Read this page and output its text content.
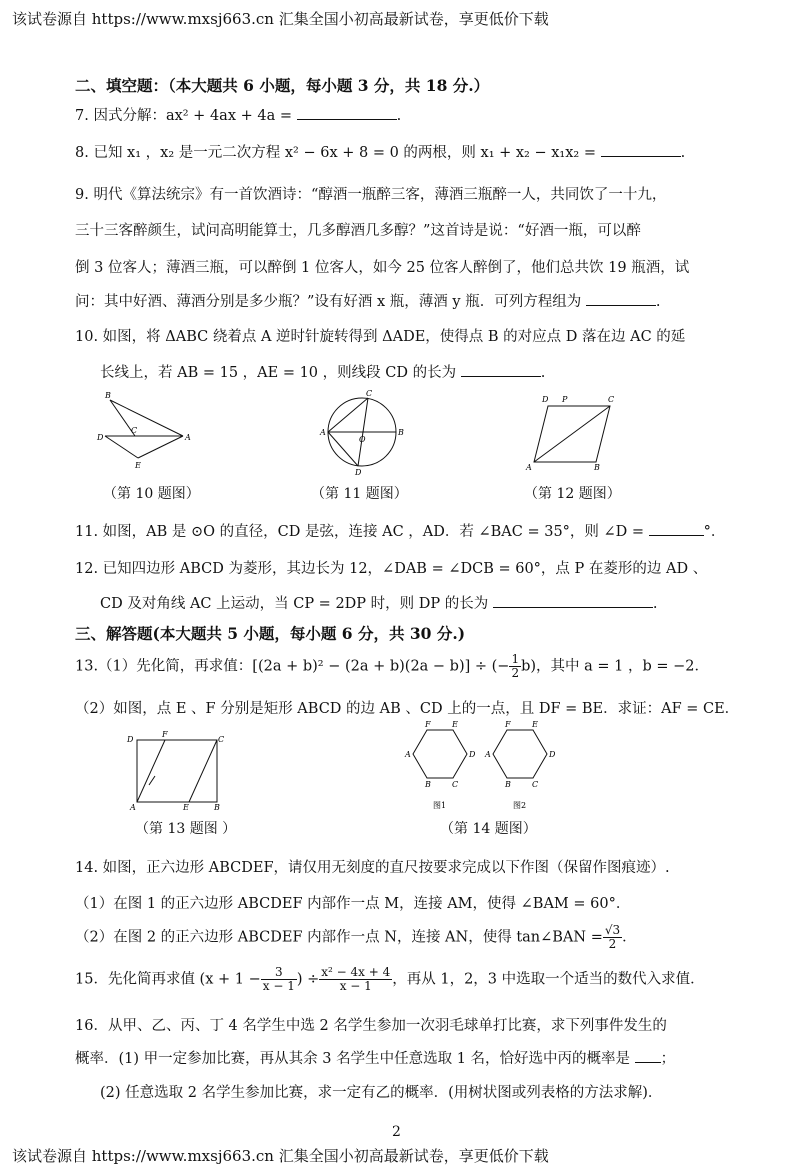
该试卷源自 https://www.mxsj663.cn 汇集全国小初高最新试卷，享更低价下载
二、填空题：（本大题共 6 小题，每小题 3 分，共 18 分.）
7. 因式分解：ax² + 4ax + 4a =	.
8. 已知 x₁ ，x₂ 是一元二次方程 x² − 6x + 8 = 0 的两根，则 x₁ + x₂ − x₁x₂ =	.
9. 明代《算法统宗》有一首饮酒诗：“醇酒一瓶醉三客，薄酒三瓶醉一人，共同饮了一十九，
三十三客醉颜生，试问高明能算士，几多醇酒几多醇？”这首诗是说：“好酒一瓶，可以醉
倒 3 位客人；薄酒三瓶，可以醉倒 1 位客人，如今 25 位客人醉倒了，他们总共饮 19 瓶酒，试
问：其中好酒、薄酒分别是多少瓶？”设有好酒 x 瓶，薄酒 y 瓶．可列方程组为	.
10. 如图，将 ΔABC 绕着点 A 逆时针旋转得到 ΔADE，使得点 B 的对应点 D 落在边 AC 的延
长线上，若 AB = 15 ，AE = 10 ，则线段 CD 的长为	.
B
D
C
A
E
（第 10 题图）
C
A
O
B
D
（第 11 题图）
D P	C
A	B
（第 12 题图）
11. 如图，AB 是 ⊙O 的直径，CD 是弦，连接 AC ，AD．若 ∠BAC = 35°，则 ∠D =	°．
12. 已知四边形 ABCD 为菱形，其边长为 12，∠DAB = ∠DCB = 60°，点 P 在菱形的边 AD 、
CD 及对角线 AC 上运动，当 CP = 2DP 时，则 DP 的长为	.
三、解答题(本大题共 5 小题，每小题 6 分，共 30 分.)
13.（1）先化简，再求值：[(2a + b)² − (2a + b)(2a − b)] ÷ (− $\frac{1}{2} b$)，其中 a = 1 ，b = −2．
（2）如图，点 E 、F 分别是矩形 ABCD 的边 AB 、CD 上的一点，且 DF = BE．求证：AF = CE．
D
F
C
A	E	B
（第 13 题图 ）
F	E
A	D
B	C
F	E
A	D
B	C
图1	图2
（第 14 题图）
14. 如图，正六边形 ABCDEF，请仅用无刻度的直尺按要求完成以下作图（保留作图痕迹）.
（1）在图 1 的正六边形 ABCDEF 内部作一点 M，连接 AM，使得 ∠BAM = 60°．
（2）在图 2 的正六边形 ABCDEF 内部作一点 N，连接 AN，使得 tan∠BAN = $\frac{√3}{2}$ ．
15．先化简再求值 ($x + 1 - \frac{3}{x - 1}$ ) ÷ $\frac{\text{x² − 4x + 4}}{x - 1}$ ，再从 1，2，3 中选取一个适当的数代入求值．
16．从甲、乙、丙、丁 4 名学生中选 2 名学生参加一次羽毛球单打比赛，求下列事件发生的
概率．(1) 甲一定参加比赛，再从其余 3 名学生中任意选取 1 名，恰好选中丙的概率是 ；
(2) 任意选取 2 名学生参加比赛，求一定有乙的概率．(用树状图或列表格的方法求解)．
2
该试卷源自 https://www.mxsj663.cn 汇集全国小初高最新试卷，享更低价下载
